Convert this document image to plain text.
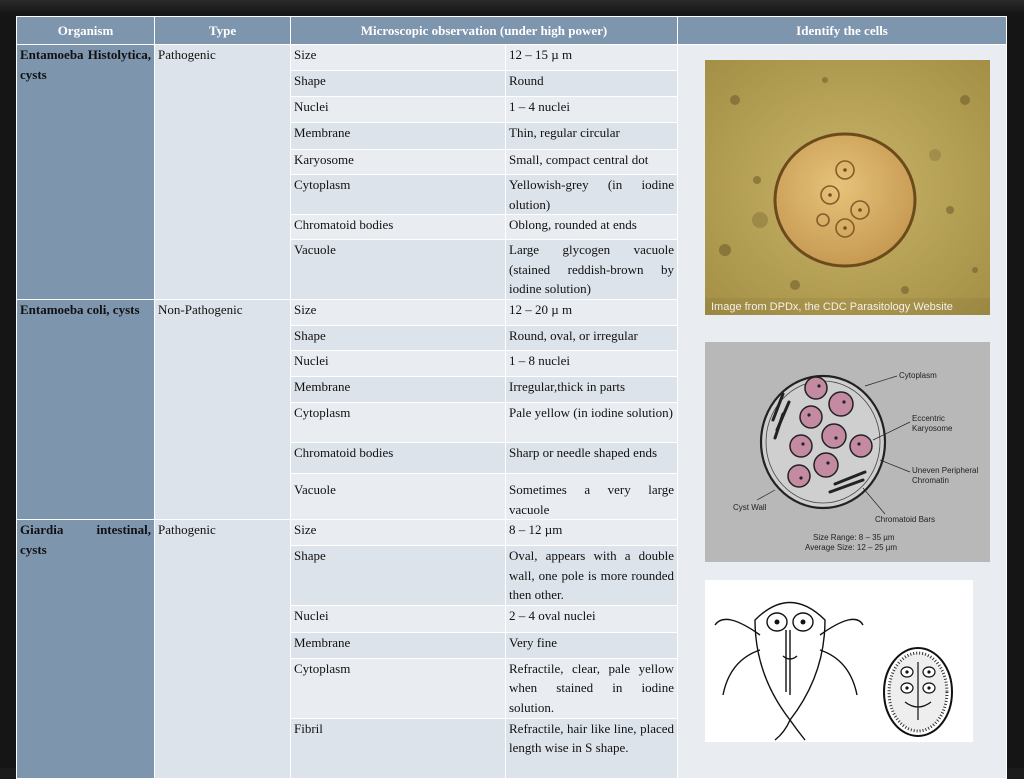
Organism	Type	Microscopic observation (under high power)		Identify the cells

Entamoeba Histolytica, cysts	Pathogenic	Size	12 – 15 µ m	
		Shape	Round	
		Nuclei	1 – 4 nuclei	
		Membrane	Thin, regular circular	
		Karyosome	Small, compact central dot	
		Cytoplasm	Yellowish-grey (in iodine olution)	
		Chromatoid bodies	Oblong, rounded at ends	
		Vacuole	Large glycogen vacuole (stained reddish-brown by iodine solution)	
Entamoeba coli, cysts	Non-Pathogenic	Size	12 – 20 µ m	
		Shape	Round, oval, or irregular	
		Nuclei	1 – 8 nuclei	
		Membrane	Irregular,thick in parts	
		Cytoplasm	Pale yellow (in iodine solution)	
		Chromatoid bodies	Sharp or needle shaped ends	
		Vacuole	Sometimes a very large vacuole	

Giardia intestinal, cysts	Pathogenic	Size	8 – 12 µm	
		Shape	Oval, appears with a double wall, one pole is more rounded then other.	
		Nuclei	2 – 4 oval nuclei	
		Membrane	Very fine	
		Cytoplasm	Refractile, clear, pale yellow when stained in iodine solution.	
		Fibril	Refractile, hair like line, placed length wise in S shape.	
Image from DPDx, the CDC Parasitology Website
Cytoplasm
Eccentric
Karyosome
Uneven Peripheral
Chromatin
Cyst Wall
Chromatoid Bars
Size Range: 8 – 35 µm
Average Size: 12 – 25 µm
